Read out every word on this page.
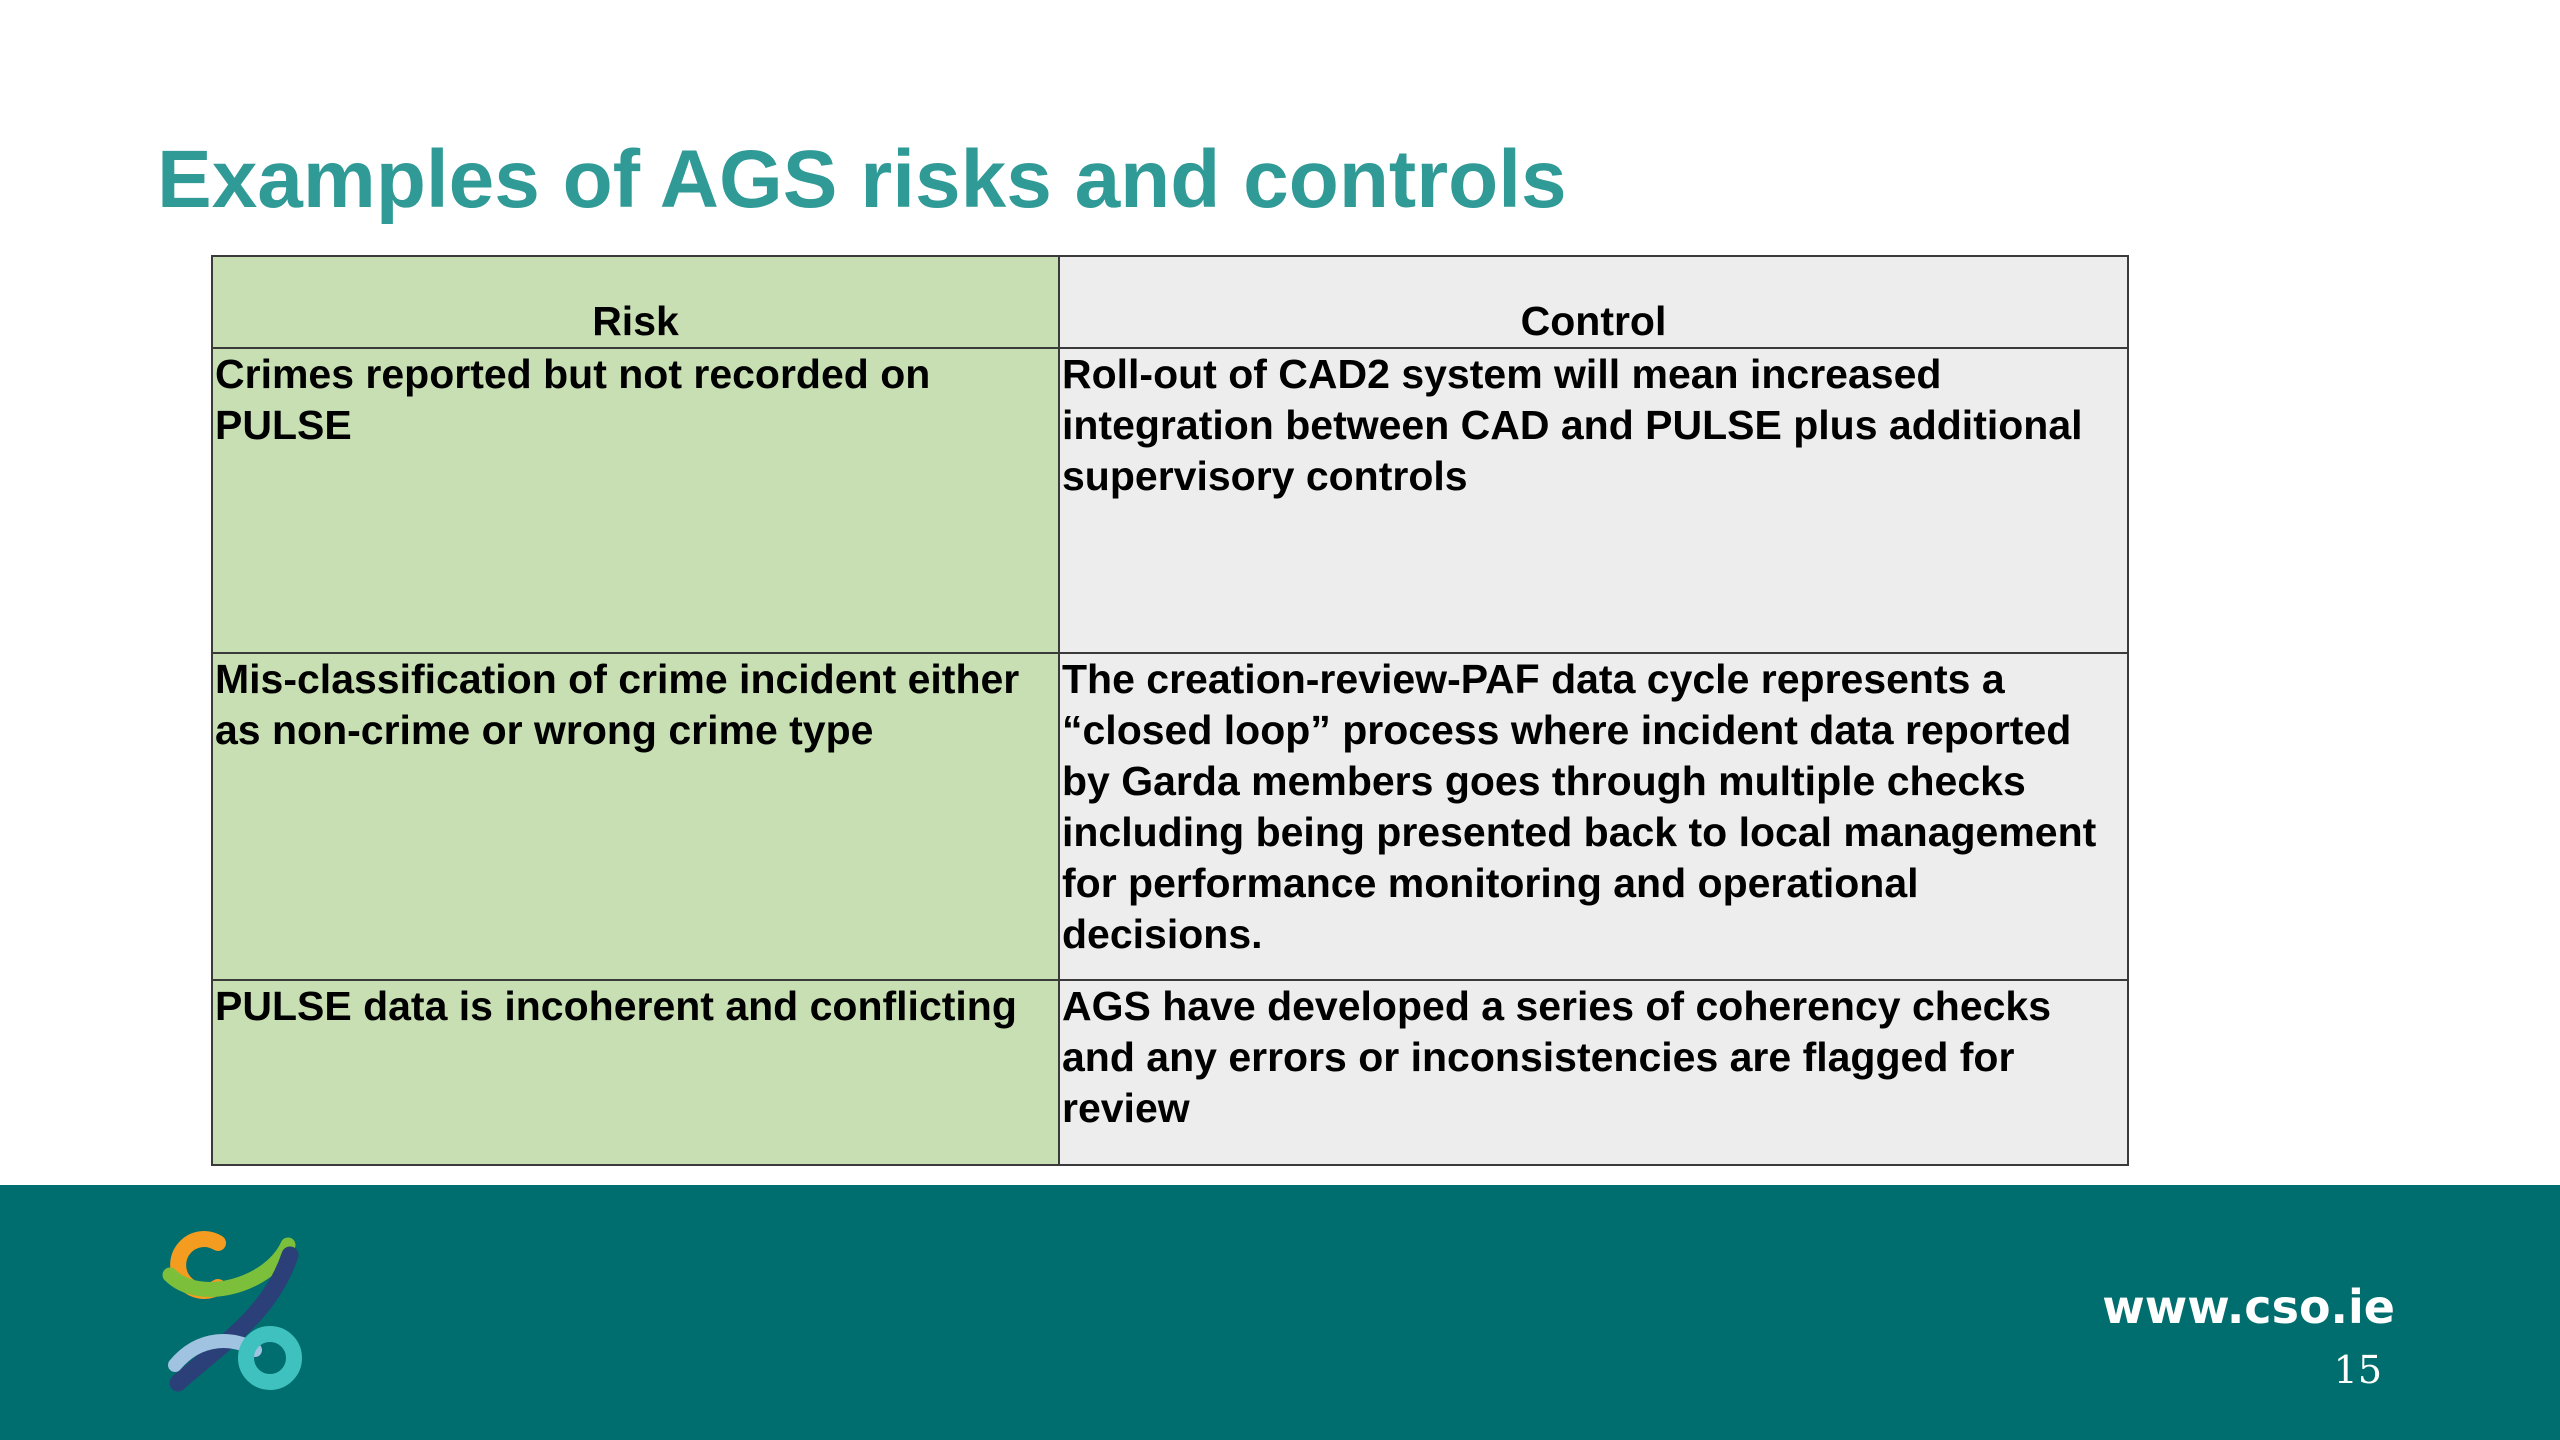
Examples of AGS risks and controls
Risk	Control
Crimes reported but not recorded on PULSE	Roll-out of CAD2 system will mean increased integration between CAD and PULSE plus additional supervisory controls
Mis-classification of crime incident either as non-crime or wrong crime type	The creation-review-PAF data cycle represents a “closed loop” process where incident data reported by Garda members goes through multiple checks including being presented back to local management for performance monitoring and operational decisions.
PULSE data is incoherent and conflicting	AGS have developed a series of coherency checks and any errors or inconsistencies are flagged for review
www.cso.ie
15
